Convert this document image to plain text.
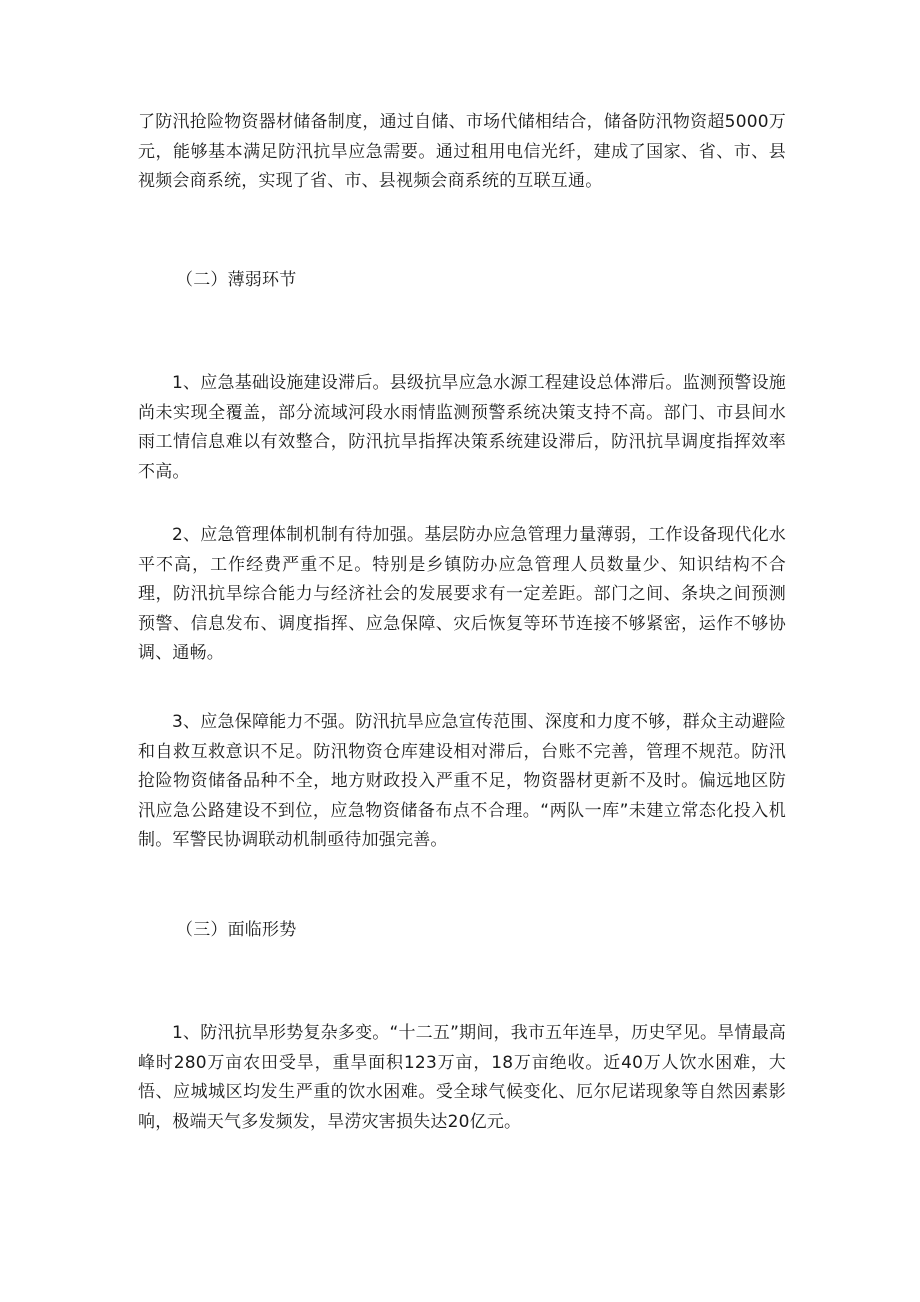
了防汛抢险物资器材储备制度，通过自储、市场代储相结合，储备防汛物资超5000万元，能够基本满足防汛抗旱应急需要。通过租用电信光纤，建成了国家、省、市、县视频会商系统，实现了省、市、县视频会商系统的互联互通。

（二）薄弱环节

1、应急基础设施建设滞后。县级抗旱应急水源工程建设总体滞后。监测预警设施尚未实现全覆盖，部分流域河段水雨情监测预警系统决策支持不高。部门、市县间水雨工情信息难以有效整合，防汛抗旱指挥决策系统建设滞后，防汛抗旱调度指挥效率不高。

2、应急管理体制机制有待加强。基层防办应急管理力量薄弱，工作设备现代化水平不高，工作经费严重不足。特别是乡镇防办应急管理人员数量少、知识结构不合理，防汛抗旱综合能力与经济社会的发展要求有一定差距。部门之间、条块之间预测预警、信息发布、调度指挥、应急保障、灾后恢复等环节连接不够紧密，运作不够协调、通畅。

3、应急保障能力不强。防汛抗旱应急宣传范围、深度和力度不够，群众主动避险和自救互救意识不足。防汛物资仓库建设相对滞后，台账不完善，管理不规范。防汛抢险物资储备品种不全，地方财政投入严重不足，物资器材更新不及时。偏远地区防汛应急公路建设不到位，应急物资储备布点不合理。“两队一库”未建立常态化投入机制。军警民协调联动机制亟待加强完善。

（三）面临形势

1、防汛抗旱形势复杂多变。“十二五”期间，我市五年连旱，历史罕见。旱情最高峰时280万亩农田受旱，重旱面积123万亩，18万亩绝收。近40万人饮水困难，大悟、应城城区均发生严重的饮水困难。受全球气候变化、厄尔尼诺现象等自然因素影响，极端天气多发频发，旱涝灾害损失达20亿元。
